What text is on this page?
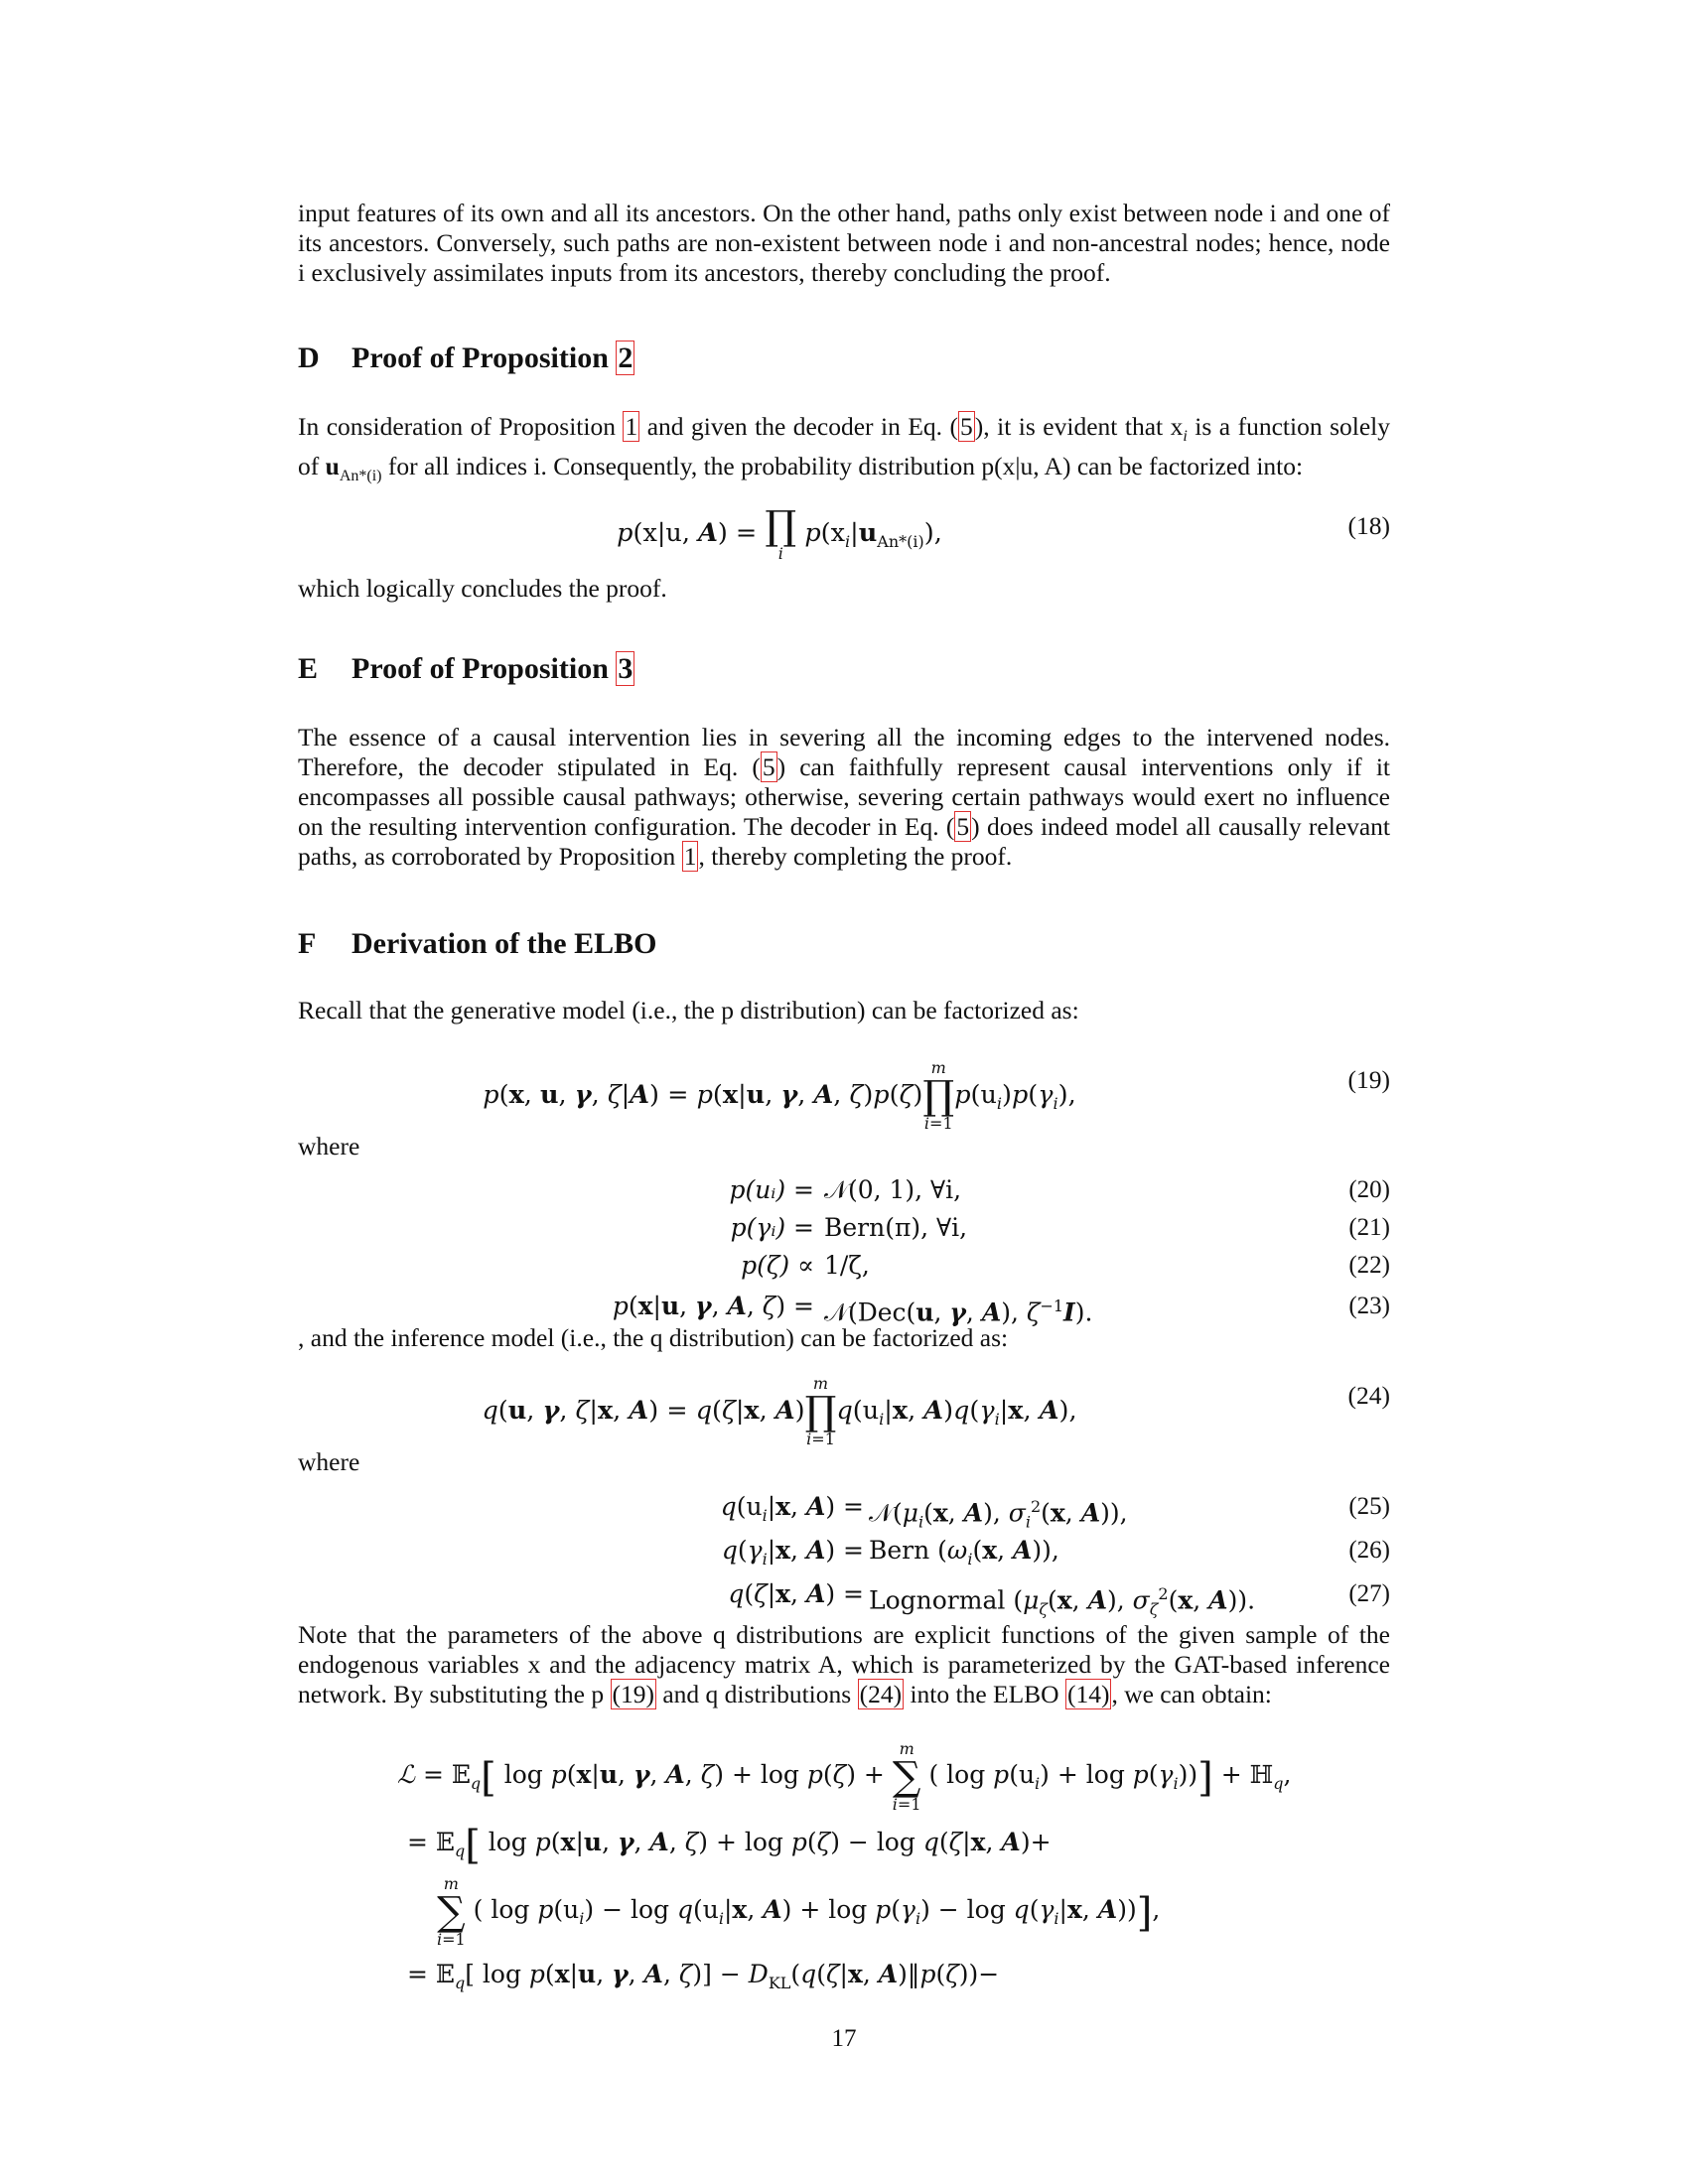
input features of its own and all its ancestors. On the other hand, paths only exist between node i and one of its ancestors. Conversely, such paths are non-existent between node i and non-ancestral nodes; hence, node i exclusively assimilates inputs from its ancestors, thereby concluding the proof.

D Proof of Proposition 2

In consideration of Proposition 1 and given the decoder in Eq. (5), it is evident that $x_i$ is a function solely of $u_{An*(i)}$ for all indices i. Consequently, the probability distribution p(x|u, A) can be factorized into:

p(x|u, A) = ∏
i $p(x_i|u_{An*(i)})$,	(18)

which logically concludes the proof.

E Proof of Proposition 3

The essence of a causal intervention lies in severing all the incoming edges to the intervened nodes. Therefore, the decoder stipulated in Eq. (5) can faithfully represent causal interventions only if it encompasses all possible causal pathways; otherwise, severing certain pathways would exert no influence on the resulting intervention configuration. The decoder in Eq. (5) does indeed model all causally relevant paths, as corroborated by Proposition 1, thereby completing the proof.

F Derivation of the ELBO

Recall that the generative model (i.e., the p distribution) can be factorized as:

p(x, u, γ, ζ|A) = p(x|u, γ, A, ζ)p(ζ)m
∏
$i=1p(u_i)p(\gamma_i)$,
(19)

where

p(uᵢ) = 𝒩(0, 1), ∀i,	(20)
p(γᵢ) = Bern(π), ∀i,	(21)
p(ζ) ∝ 1/ζ,	(22)
p(x|u, γ, A, ζ) = 𝒩(Dec(u, γ, A), $\zeta^{-1}I$).	(23)

, and the inference model (i.e., the q distribution) can be factorized as:

q(u, γ, ζ|x, A) = q(ζ|x, A)m
∏
$i=1q(u_i|x$, $A)q(\gamma_i|x$, A),
(24)

where

$q(u_i|x$, $A) = 𝒩(\mu_i(x$, A), $\sigma_i^2(x$, A)),	(25)
$q(\gamma_i|x$, A) = Bern ($\omega_i(x$, A)),	(26)
q(ζ|x, A) = Lognormal ($\mu_\zeta(x$, A), $\sigma_\zeta^2(x$, A)).	(27)

Note that the parameters of the above q distributions are explicit functions of the given sample of the endogenous variables x and the adjacency matrix A, which is parameterized by the GAT-based inference network. By substituting the p (19) and q distributions (24) into the ELBO (14), we can obtain:

ℒ = 𝔼$_q$[ log p(x|u, γ, A, ζ) + log p(ζ) + m
∑
i=1 ( $\log p(u_i) + \log p(\gamma_i)$)] + ℍ$_q$,
= 𝔼$_q$[ log p(x|u, γ, A, ζ) + log p(ζ) − log q(ζ|x, A)+
m
∑
i=1 ( $\log p(u_i) - \log q(u_i|x$, $A) + \log p(\gamma_i) - \log q(\gamma_i|x$, A))],
= 𝔼$_q$[ log p(x|u, γ, A, $\zeta)] - D_{KL}(q(\zeta|x$, A)‖p(ζ))−
17
